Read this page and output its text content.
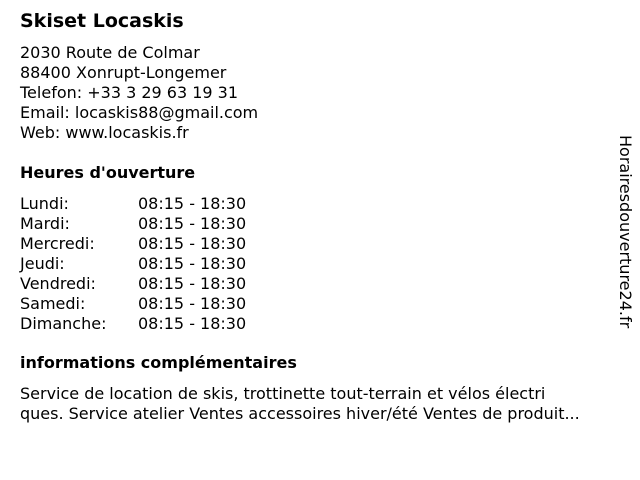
Skiset Locaskis
2030 Route de Colmar
88400 Xonrupt-Longemer
Telefon: +33 3 29 63 19 31
Email: locaskis88@gmail.com
Web: www.locaskis.fr
Heures d'ouverture
Lundi:	08:15 - 18:30
Mardi:	08:15 - 18:30
Mercredi:	08:15 - 18:30
Jeudi:	08:15 - 18:30
Vendredi:	08:15 - 18:30
Samedi:	08:15 - 18:30
Dimanche:	08:15 - 18:30
informations complémentaires
Service de location de skis, trottinette tout-terrain et vélos électri
ques. Service atelier Ventes accessoires hiver/été Ventes de produit...
Horairesdouverture24.fr
